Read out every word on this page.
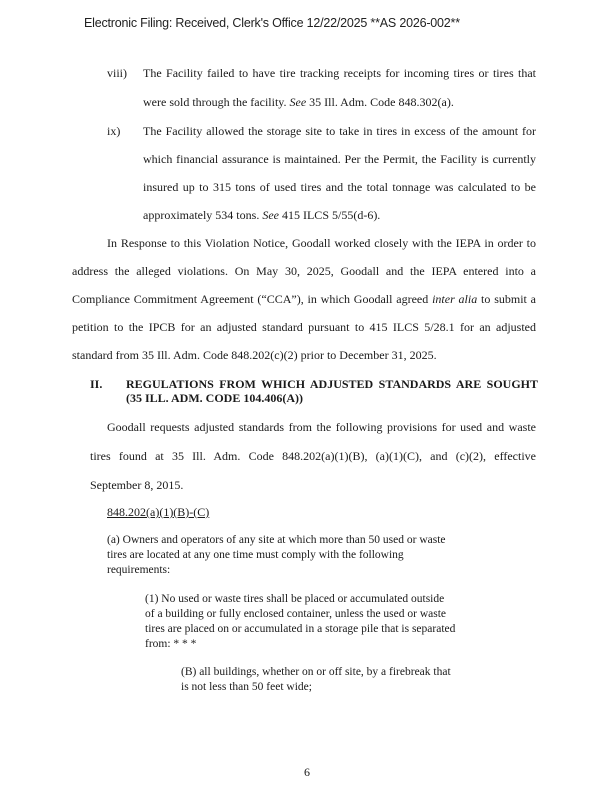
Electronic Filing: Received, Clerk's Office 12/22/2025 **AS 2026-002**
viii) The Facility failed to have tire tracking receipts for incoming tires or tires that
were sold through the facility. See 35 Ill. Adm. Code 848.302(a).
ix) The Facility allowed the storage site to take in tires in excess of the amount for
which financial assurance is maintained. Per the Permit, the Facility is currently
insured up to 315 tons of used tires and the total tonnage was calculated to be
approximately 534 tons. See 415 ILCS 5/55(d-6).
In Response to this Violation Notice, Goodall worked closely with the IEPA in order to
address the alleged violations. On May 30, 2025, Goodall and the IEPA entered into a
Compliance Commitment Agreement (“CCA”), in which Goodall agreed inter alia to submit a
petition to the IPCB for an adjusted standard pursuant to 415 ILCS 5/28.1 for an adjusted
standard from 35 Ill. Adm. Code 848.202(c)(2) prior to December 31, 2025.
II. REGULATIONS FROM WHICH ADJUSTED STANDARDS ARE SOUGHT
(35 ILL. ADM. CODE 104.406(A))
Goodall requests adjusted standards from the following provisions for used and waste
tires found at 35 Ill. Adm. Code 848.202(a)(1)(B), (a)(1)(C), and (c)(2), effective
September 8, 2015.
848.202(a)(1)(B)-(C)
(a) Owners and operators of any site at which more than 50 used or waste
tires are located at any one time must comply with the following
requirements:
(1) No used or waste tires shall be placed or accumulated outside
of a building or fully enclosed container, unless the used or waste
tires are placed on or accumulated in a storage pile that is separated
from: * * *
(B) all buildings, whether on or off site, by a firebreak that
is not less than 50 feet wide;
6
